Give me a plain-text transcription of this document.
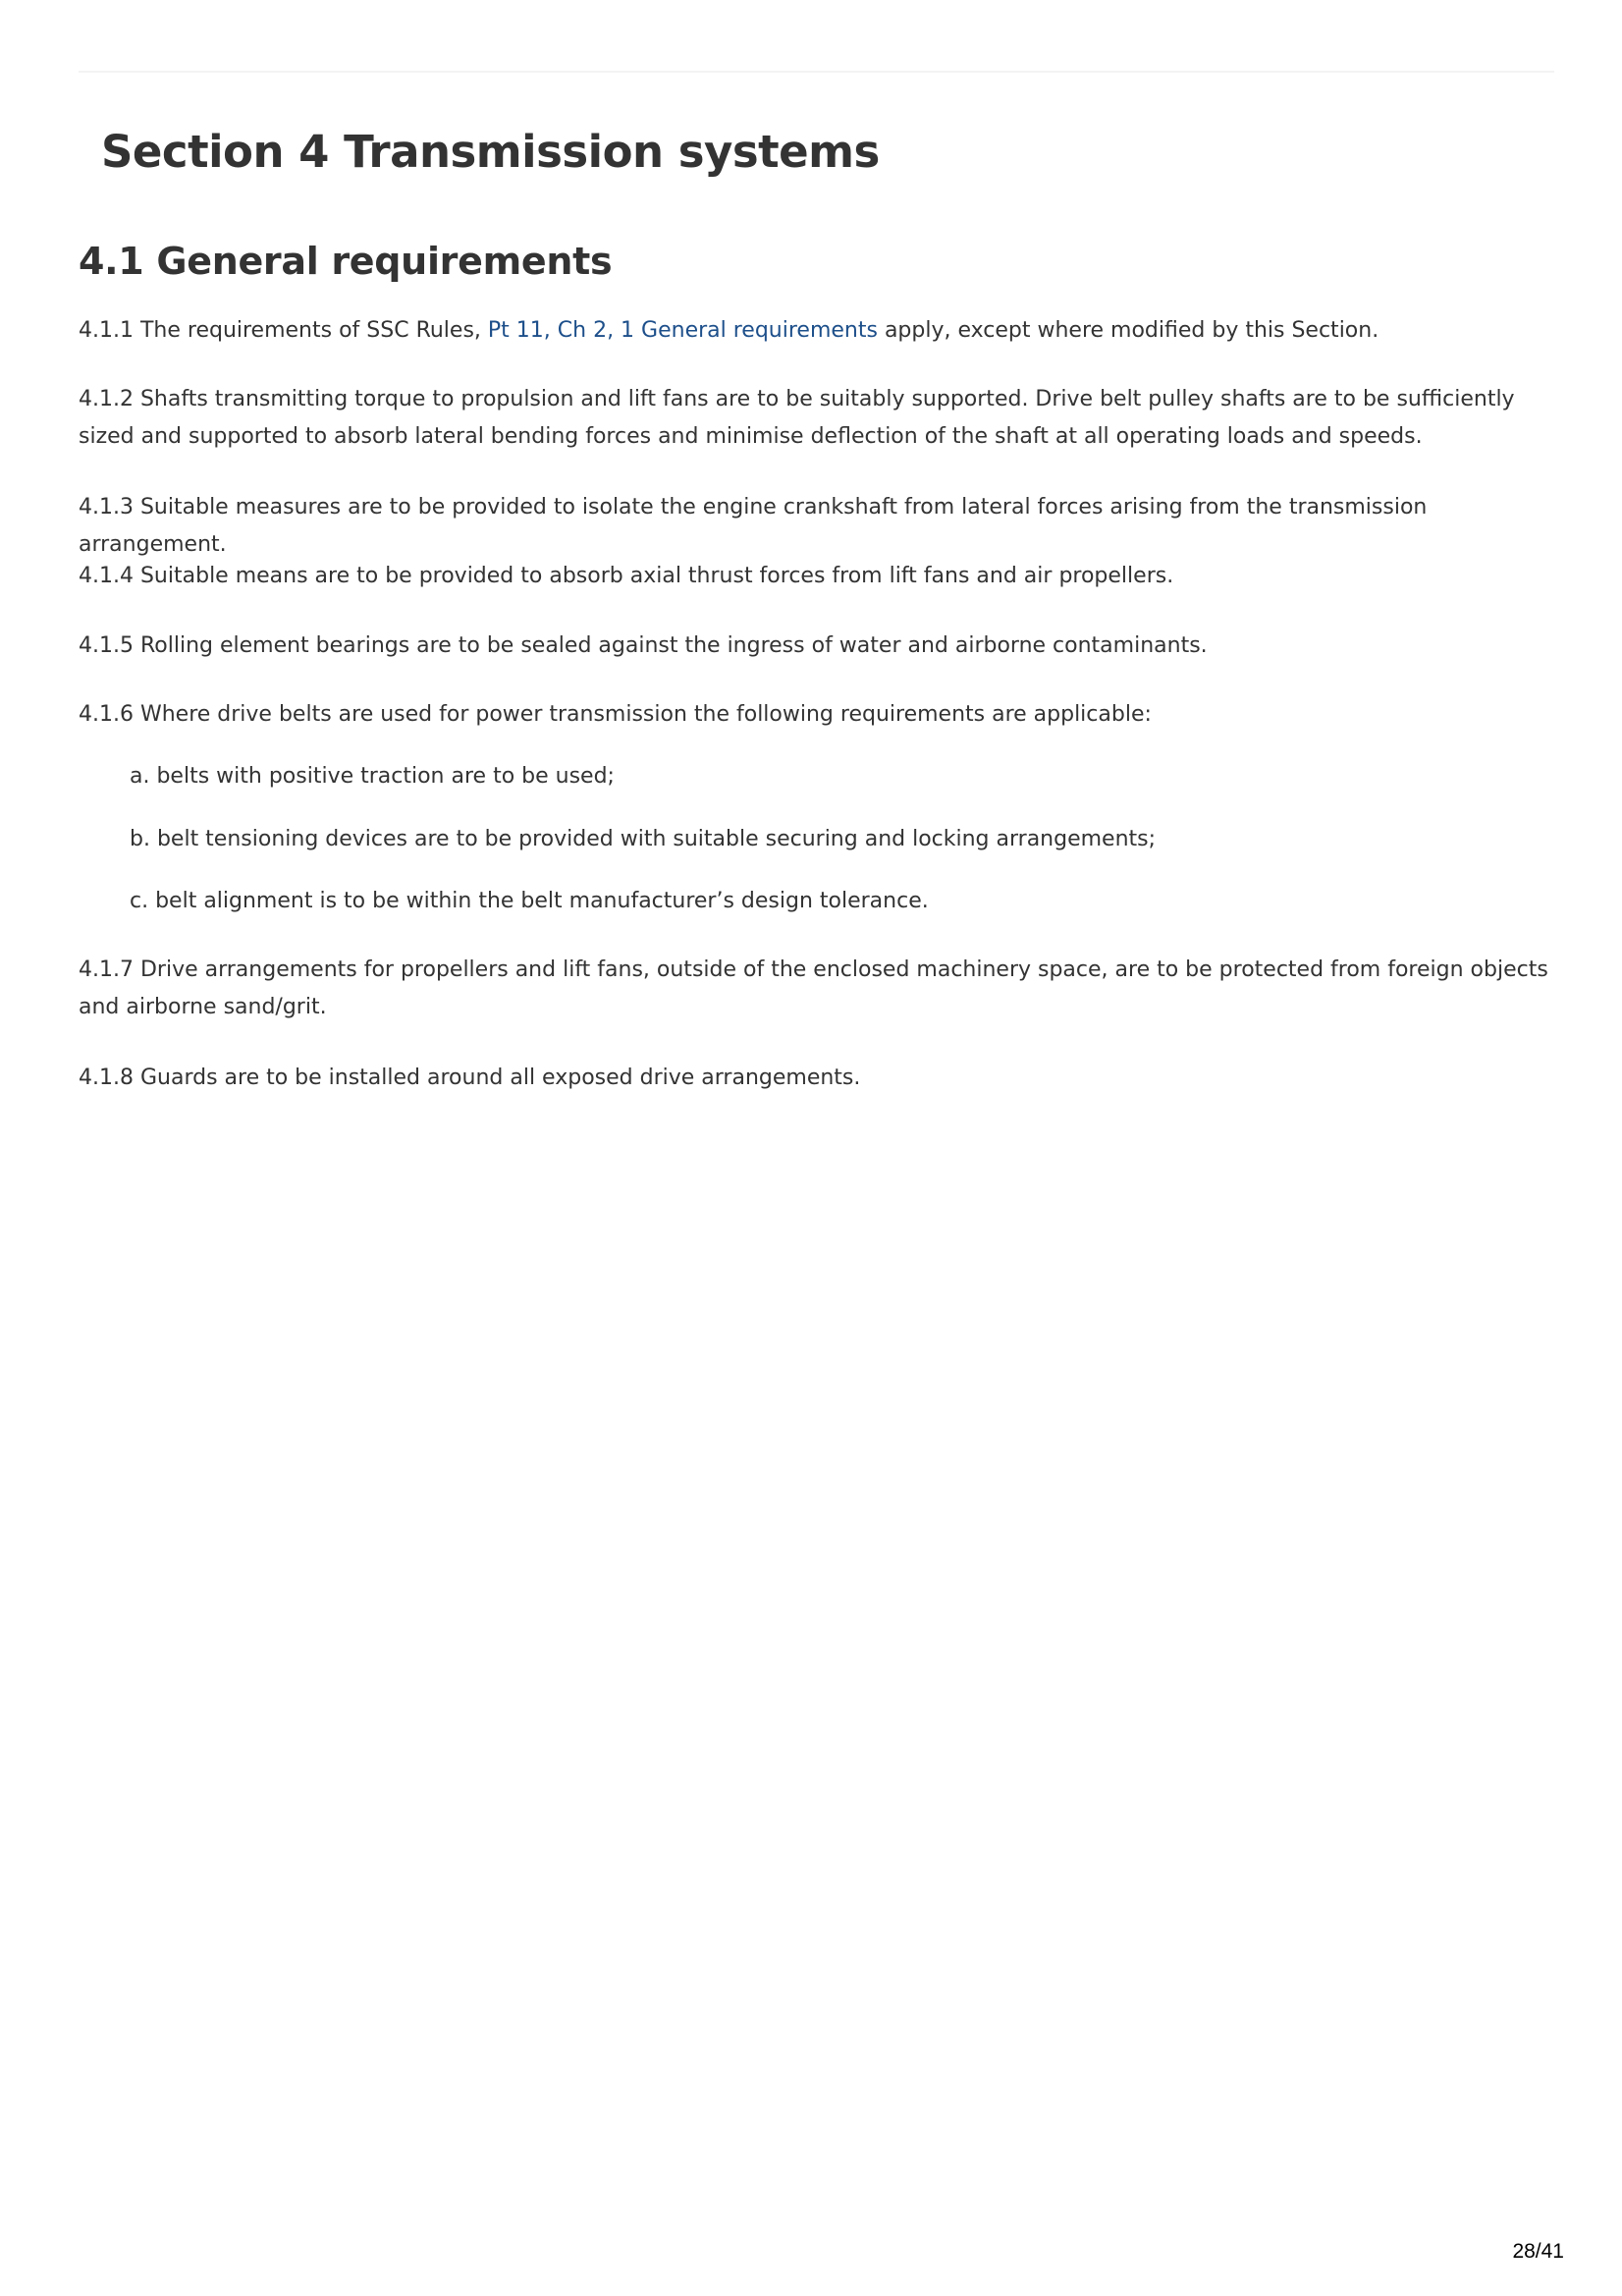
Section 4 Transmission systems
4.1 General requirements

4.1.1 The requirements of SSC Rules, Pt 11, Ch 2, 1 General requirements apply, except where modified by this Section.

4.1.2 Shafts transmitting torque to propulsion and lift fans are to be suitably supported. Drive belt pulley shafts are to be sufficiently sized and supported to absorb lateral bending forces and minimise deflection of the shaft at all operating loads and speeds.

4.1.3 Suitable measures are to be provided to isolate the engine crankshaft from lateral forces arising from the transmission arrangement.

4.1.4 Suitable means are to be provided to absorb axial thrust forces from lift fans and air propellers.

4.1.5 Rolling element bearings are to be sealed against the ingress of water and airborne contaminants.

4.1.6 Where drive belts are used for power transmission the following requirements are applicable:

a. belts with positive traction are to be used;

b. belt tensioning devices are to be provided with suitable securing and locking arrangements;

c. belt alignment is to be within the belt manufacturer’s design tolerance.

4.1.7 Drive arrangements for propellers and lift fans, outside of the enclosed machinery space, are to be protected from foreign objects and airborne sand/grit.

4.1.8 Guards are to be installed around all exposed drive arrangements.

28/41
